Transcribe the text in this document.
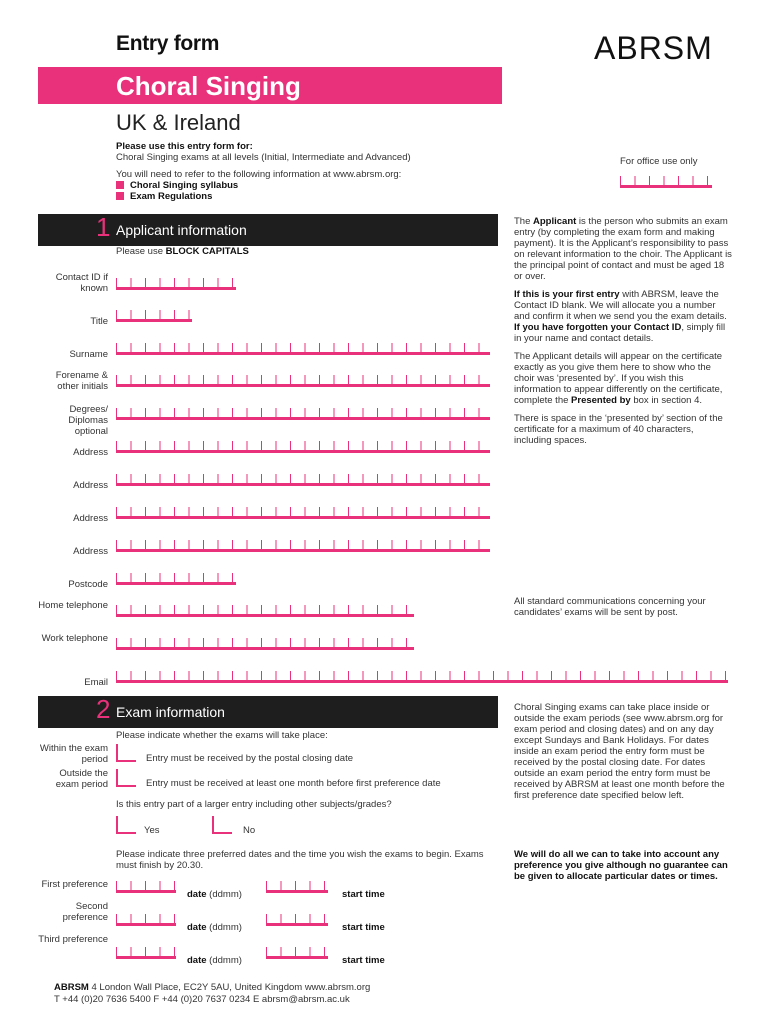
Entry form	ABRSM
Choral Singing
UK & Ireland
Please use this entry form for:
Choral Singing exams at all levels (Initial, Intermediate and Advanced)
You will need to refer to the following information at www.abrsm.org:
Choral Singing syllabus
Exam Regulations
For office use only
1 Applicant information
Please use BLOCK CAPITALS
Contact ID if known
Title
Surname
Forename & other initials
Degrees/ Diplomas optional
Address
Address
Address
Address
Postcode
Home telephone
Work telephone
Email

The Applicant is the person who submits an exam entry (by completing the exam form and making payment). It is the Applicant’s responsibility to pass on relevant information to the choir. The Applicant is the principal point of contact and must be aged 18 or over.

If this is your first entry with ABRSM, leave the Contact ID blank. We will allocate you a number and confirm it when we send you the exam details. If you have forgotten your Contact ID, simply fill in your name and contact details.

The Applicant details will appear on the certificate exactly as you give them here to show who the choir was ‘presented by’. If you wish this information to appear differently on the certificate, complete the Presented by box in section 4.

There is space in the ‘presented by’ section of the certificate for a maximum of 40 characters, including spaces.

All standard communications concerning your candidates’ exams will be sent by post.
2 Exam information
Please indicate whether the exams will take place:
Within the exam period	Entry must be received by the postal closing date
Outside the exam period	Entry must be received at least one month before first preference date
Is this entry part of a larger entry including other subjects/grades?
Yes	No
Please indicate three preferred dates and the time you wish the exams to begin. Exams must finish by 20.30.
First preference
date (ddmm)	start time
Second preference
date (ddmm)	start time
Third preference
date (ddmm)	start time

Choral Singing exams can take place inside or outside the exam periods (see www.abrsm.org for exam period and closing dates) and on any day except Sundays and Bank Holidays. For dates inside an exam period the entry form must be received by the postal closing date. For dates outside an exam period the entry form must be received by ABRSM at least one month before the first preference date specified below left.

We will do all we can to take into account any preference you give although no guarantee can be given to allocate particular dates or times.
ABRSM 4 London Wall Place, EC2Y 5AU, United Kingdom www.abrsm.org
T +44 (0)20 7636 5400 F +44 (0)20 7637 0234 E abrsm@abrsm.ac.uk
